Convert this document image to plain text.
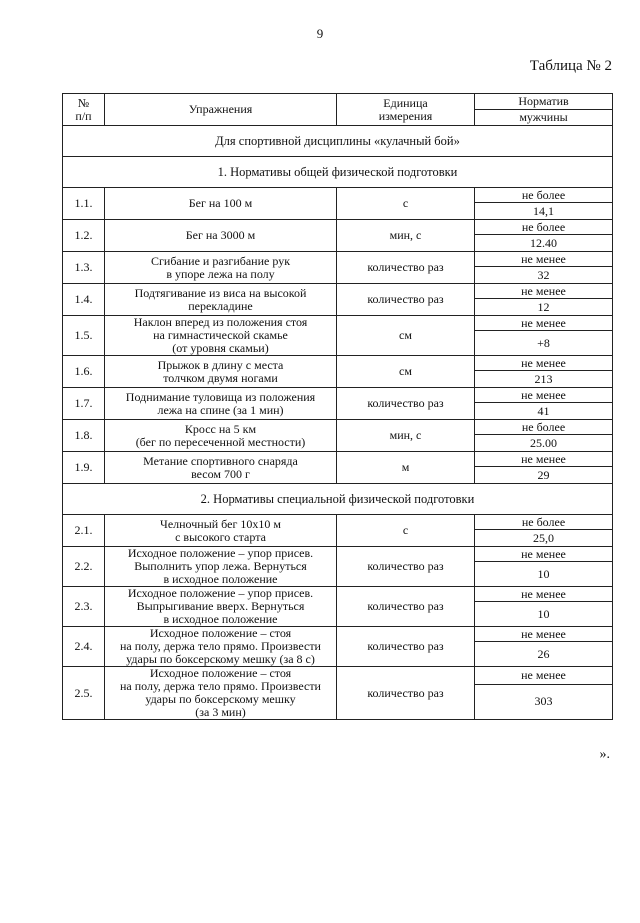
9
Таблица № 2
№
п/п	Упражнения	Единица
измерения	Норматив
			мужчины
Для спортивной дисциплины «кулачный бой»			
1. Нормативы общей физической подготовки			
1.1.	Бег на 100 м	с	не более
			14,1
1.2.	Бег на 3000 м	мин, с	не более
			12.40
1.3.	Сгибание и разгибание рук
в упоре лежа на полу	количество раз	не менее
			32
1.4.	Подтягивание из виса на высокой
перекладине	количество раз	не менее
			12
1.5.	Наклон вперед из положения стоя
на гимнастической скамье
(от уровня скамьи)	см	не менее
			+8
1.6.	Прыжок в длину с места
толчком двумя ногами	см	не менее
			213
1.7.	Поднимание туловища из положения
лежа на спине (за 1 мин)	количество раз	не менее
			41
1.8.	Кросс на 5 км
(бег по пересеченной местности)	мин, с	не более
			25.00
1.9.	Метание спортивного снаряда
весом 700 г	м	не менее
			29
2. Нормативы специальной физической подготовки			
2.1.	Челночный бег 10х10 м
с высокого старта	с	не более
			25,0
2.2.	Исходное положение – упор присев.
Выполнить упор лежа. Вернуться
в исходное положение	количество раз	не менее
			10
2.3.	Исходное положение – упор присев.
Выпрыгивание вверх. Вернуться
в исходное положение	количество раз	не менее
			10
2.4.	Исходное положение – стоя
на полу, держа тело прямо. Произвести
удары по боксерскому мешку (за 8 с)	количество раз	не менее
			26
2.5.	Исходное положение – стоя
на полу, держа тело прямо. Произвести
удары по боксерскому мешку
(за 3 мин)	количество раз	не менее
			303
».
